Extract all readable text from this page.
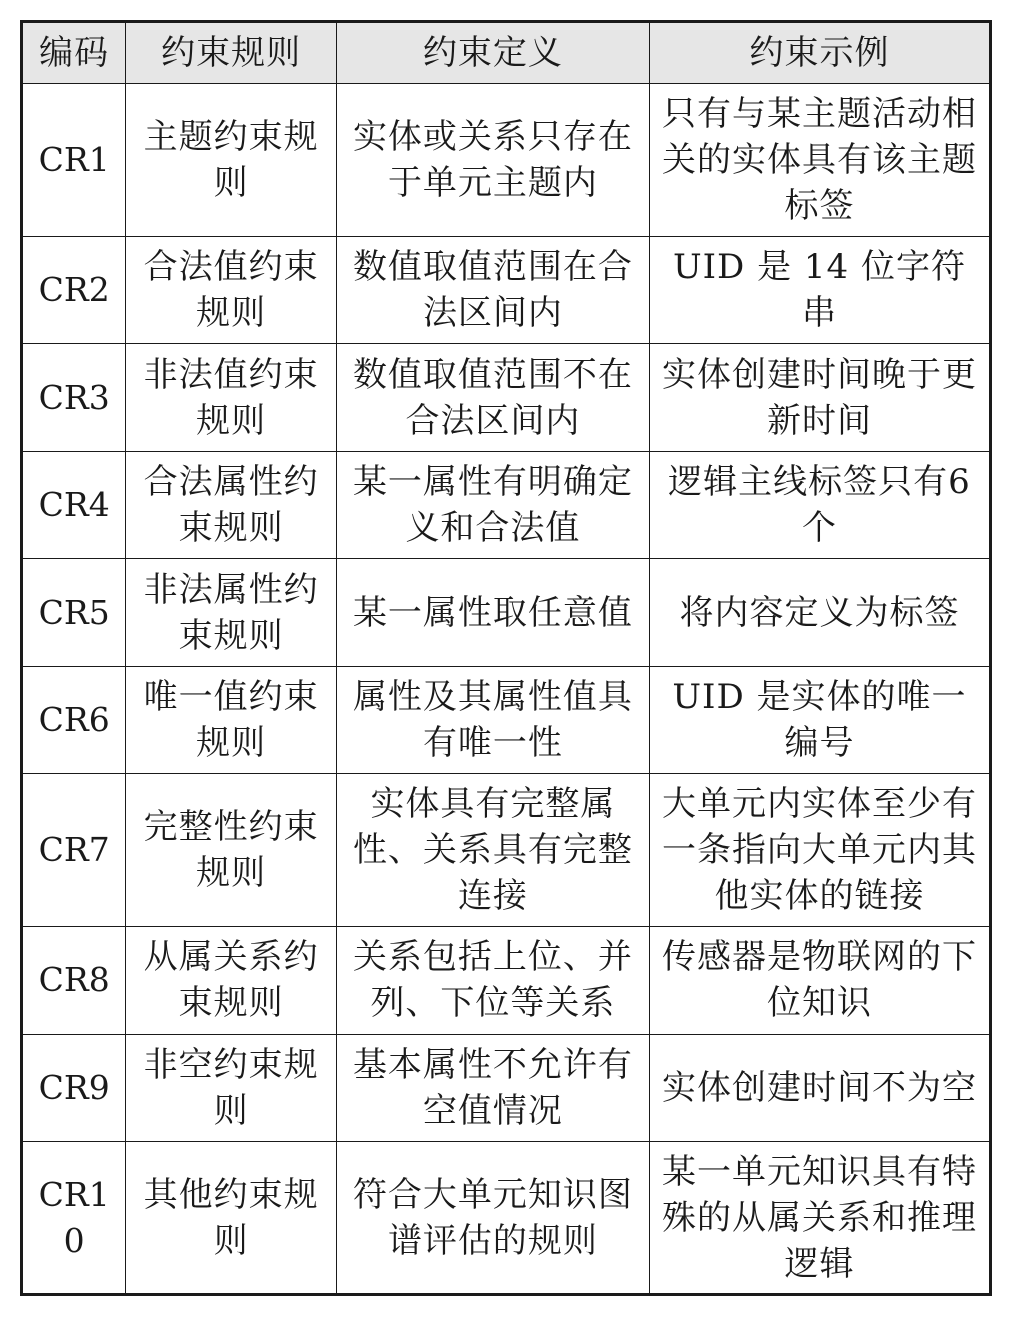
编码	约束规则	约束定义	约束示例
CR1	主题约束规则	实体或关系只存在于单元主题内	只有与某主题活动相关的实体具有该主题标签
CR2	合法值约束规则	数值取值范围在合法区间内	UID 是 14 位字符串
CR3	非法值约束规则	数值取值范围不在合法区间内	实体创建时间晚于更新时间
CR4	合法属性约束规则	某一属性有明确定义和合法值	逻辑主线标签只有6个
CR5	非法属性约束规则	某一属性取任意值	将内容定义为标签
CR6	唯一值约束规则	属性及其属性值具有唯一性	UID 是实体的唯一编号
CR7	完整性约束规则	实体具有完整属性、关系具有完整连接	大单元内实体至少有一条指向大单元内其他实体的链接
CR8	从属关系约束规则	关系包括上位、并列、下位等关系	传感器是物联网的下位知识
CR9	非空约束规则	基本属性不允许有空值情况	实体创建时间不为空
CR10	其他约束规则	符合大单元知识图谱评估的规则	某一单元知识具有特殊的从属关系和推理逻辑
